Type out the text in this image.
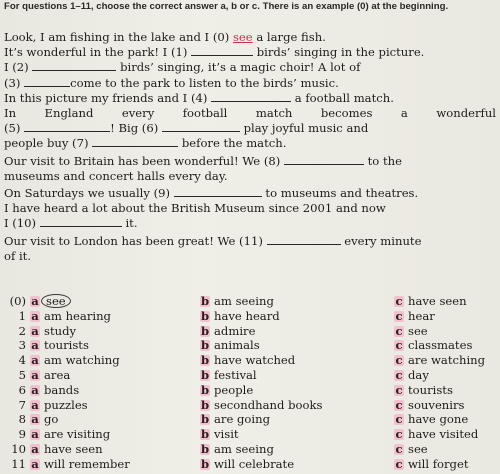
For questions 1–11, choose the correct answer a, b or c. There is an example (0) at the beginning.

Look, I am fishing in the lake and I (0) see a large fish.

It’s wonderful in the park! I (1)	birds’ singing in the picture.
I (2)	birds’ singing, it’s a magic choir! A lot of
(3)	come to the park to listen to the birds’ music.

In this picture my friends and I (4)	a football match.

In England every football match becomes a wonderful
(5)	! Big (6)	play joyful music and
people buy (7)	before the match.

Our visit to Britain has been wonderful! We (8)	to the
museums and concert halls every day.

On Saturdays we usually (9)	to museums and theatres.
I have heard a lot about the British Museum since 2001 and now
I (10)	it.

Our visit to London has been great! We (11)	every minute
of it.

(0) a see	b am seeing	c have seen
1 a am hearing	b have heard	c hear
2 a study	b admire	c see
3 a tourists	b animals	c classmates
4 a am watching	b have watched	c are watching
5 a area	b festival	c day
6 a bands	b people	c tourists
7 a puzzles	b secondhand books	c souvenirs
8 a go	b are going	c have gone
9 a are visiting	b visit	c have visited
10 a have seen	b am seeing	c see
11 a will remember	b will celebrate	c will forget
